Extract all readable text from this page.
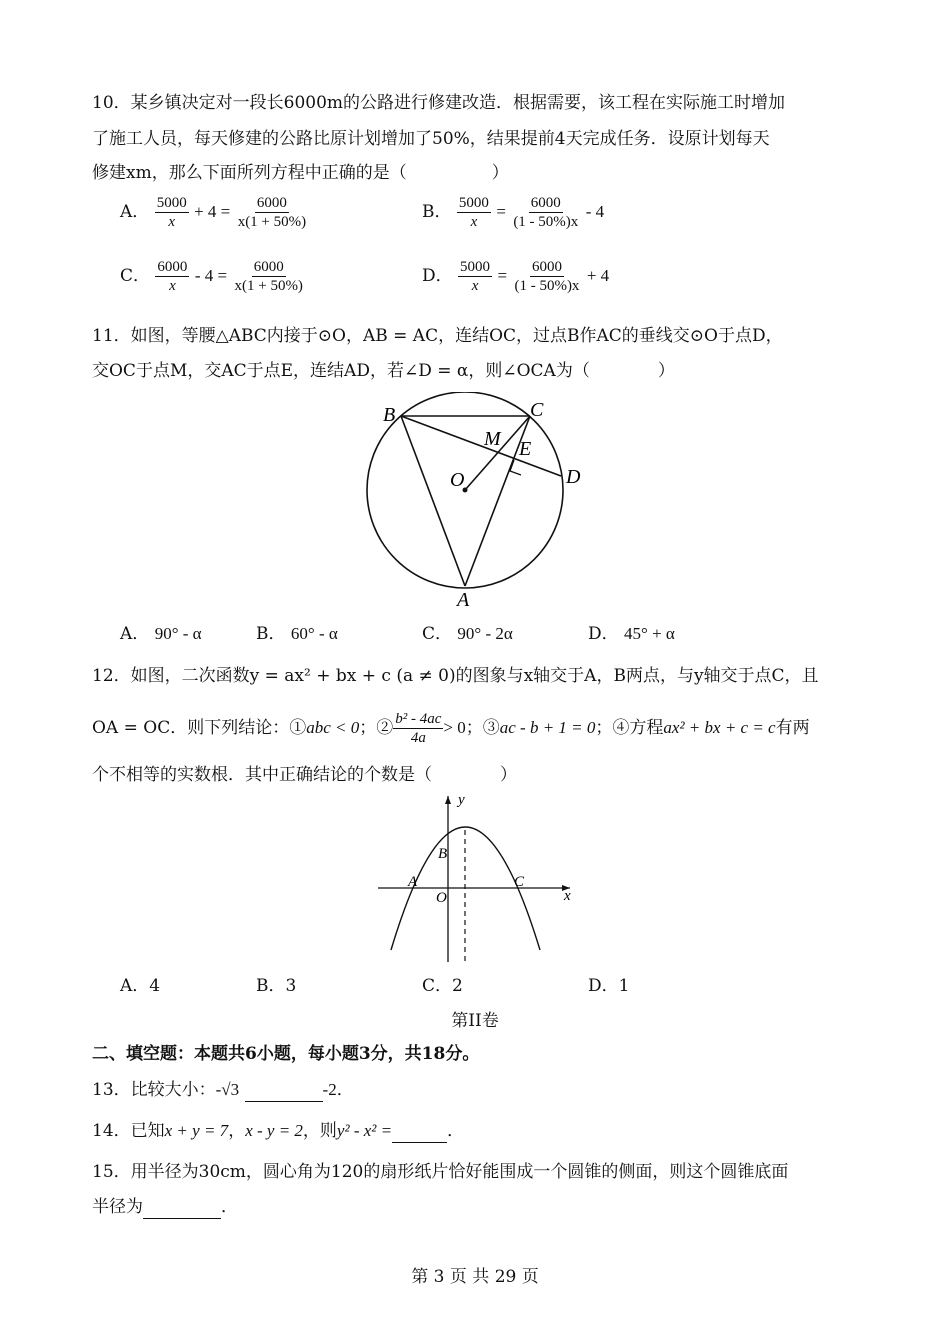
10．某乡镇决定对一段长6000m的公路进行修建改造．根据需要，该工程在实际施工时增加
了施工人员，每天修建的公路比原计划增加了50%，结果提前4天完成任务．设原计划每天
修建xm，那么下面所列方程中正确的是（　　　　　）
A． $\frac{5000}{x} + 4 = \frac{6000}{x(1 + 50\%)}$	B． $\frac{5000}{x} = \frac{6000}{(1 - 50\%)x} - 4$
C． $\frac{6000}{x} - 4 = \frac{6000}{x(1 + 50\%)}$	D． $\frac{5000}{x} = \frac{6000}{(1 - 50\%)x} + 4$
11．如图，等腰△ABC内接于⊙O，AB = AC，连结OC，过点B作AC的垂线交⊙O于点D，
交OC于点M，交AC于点E，连结AD，若∠D = α，则∠OCA为（　　　　）
B	C
M E
O	D
A
A． 90° - α	B． 60° - α	C． 90° - 2α	D． 45° + α
12．如图，二次函数y = ax² + bx + c (a ≠ 0)的图象与x轴交于A，B两点，与y轴交于点C，且
OA = OC．则下列结论：①abc < 0；② $\frac{\text{b² - 4ac}}{4a} > 0$；③ac - b + 1 = 0；④方程ax² + bx + c = c有两
个不相等的实数根．其中正确结论的个数是（　　　　）
y
x
B
A
O
C
A．4	B．3	C．2	D．1
第II卷
二、填空题：本题共6小题，每小题3分，共18分。
13．比较大小：-√3	-2．
14．已知x + y = 7，x - y = 2，则y² - x² =	．
15．用半径为30cm，圆心角为120的扇形纸片恰好能围成一个圆锥的侧面，则这个圆锥底面
半径为	．
第 3 页 共 29 页
